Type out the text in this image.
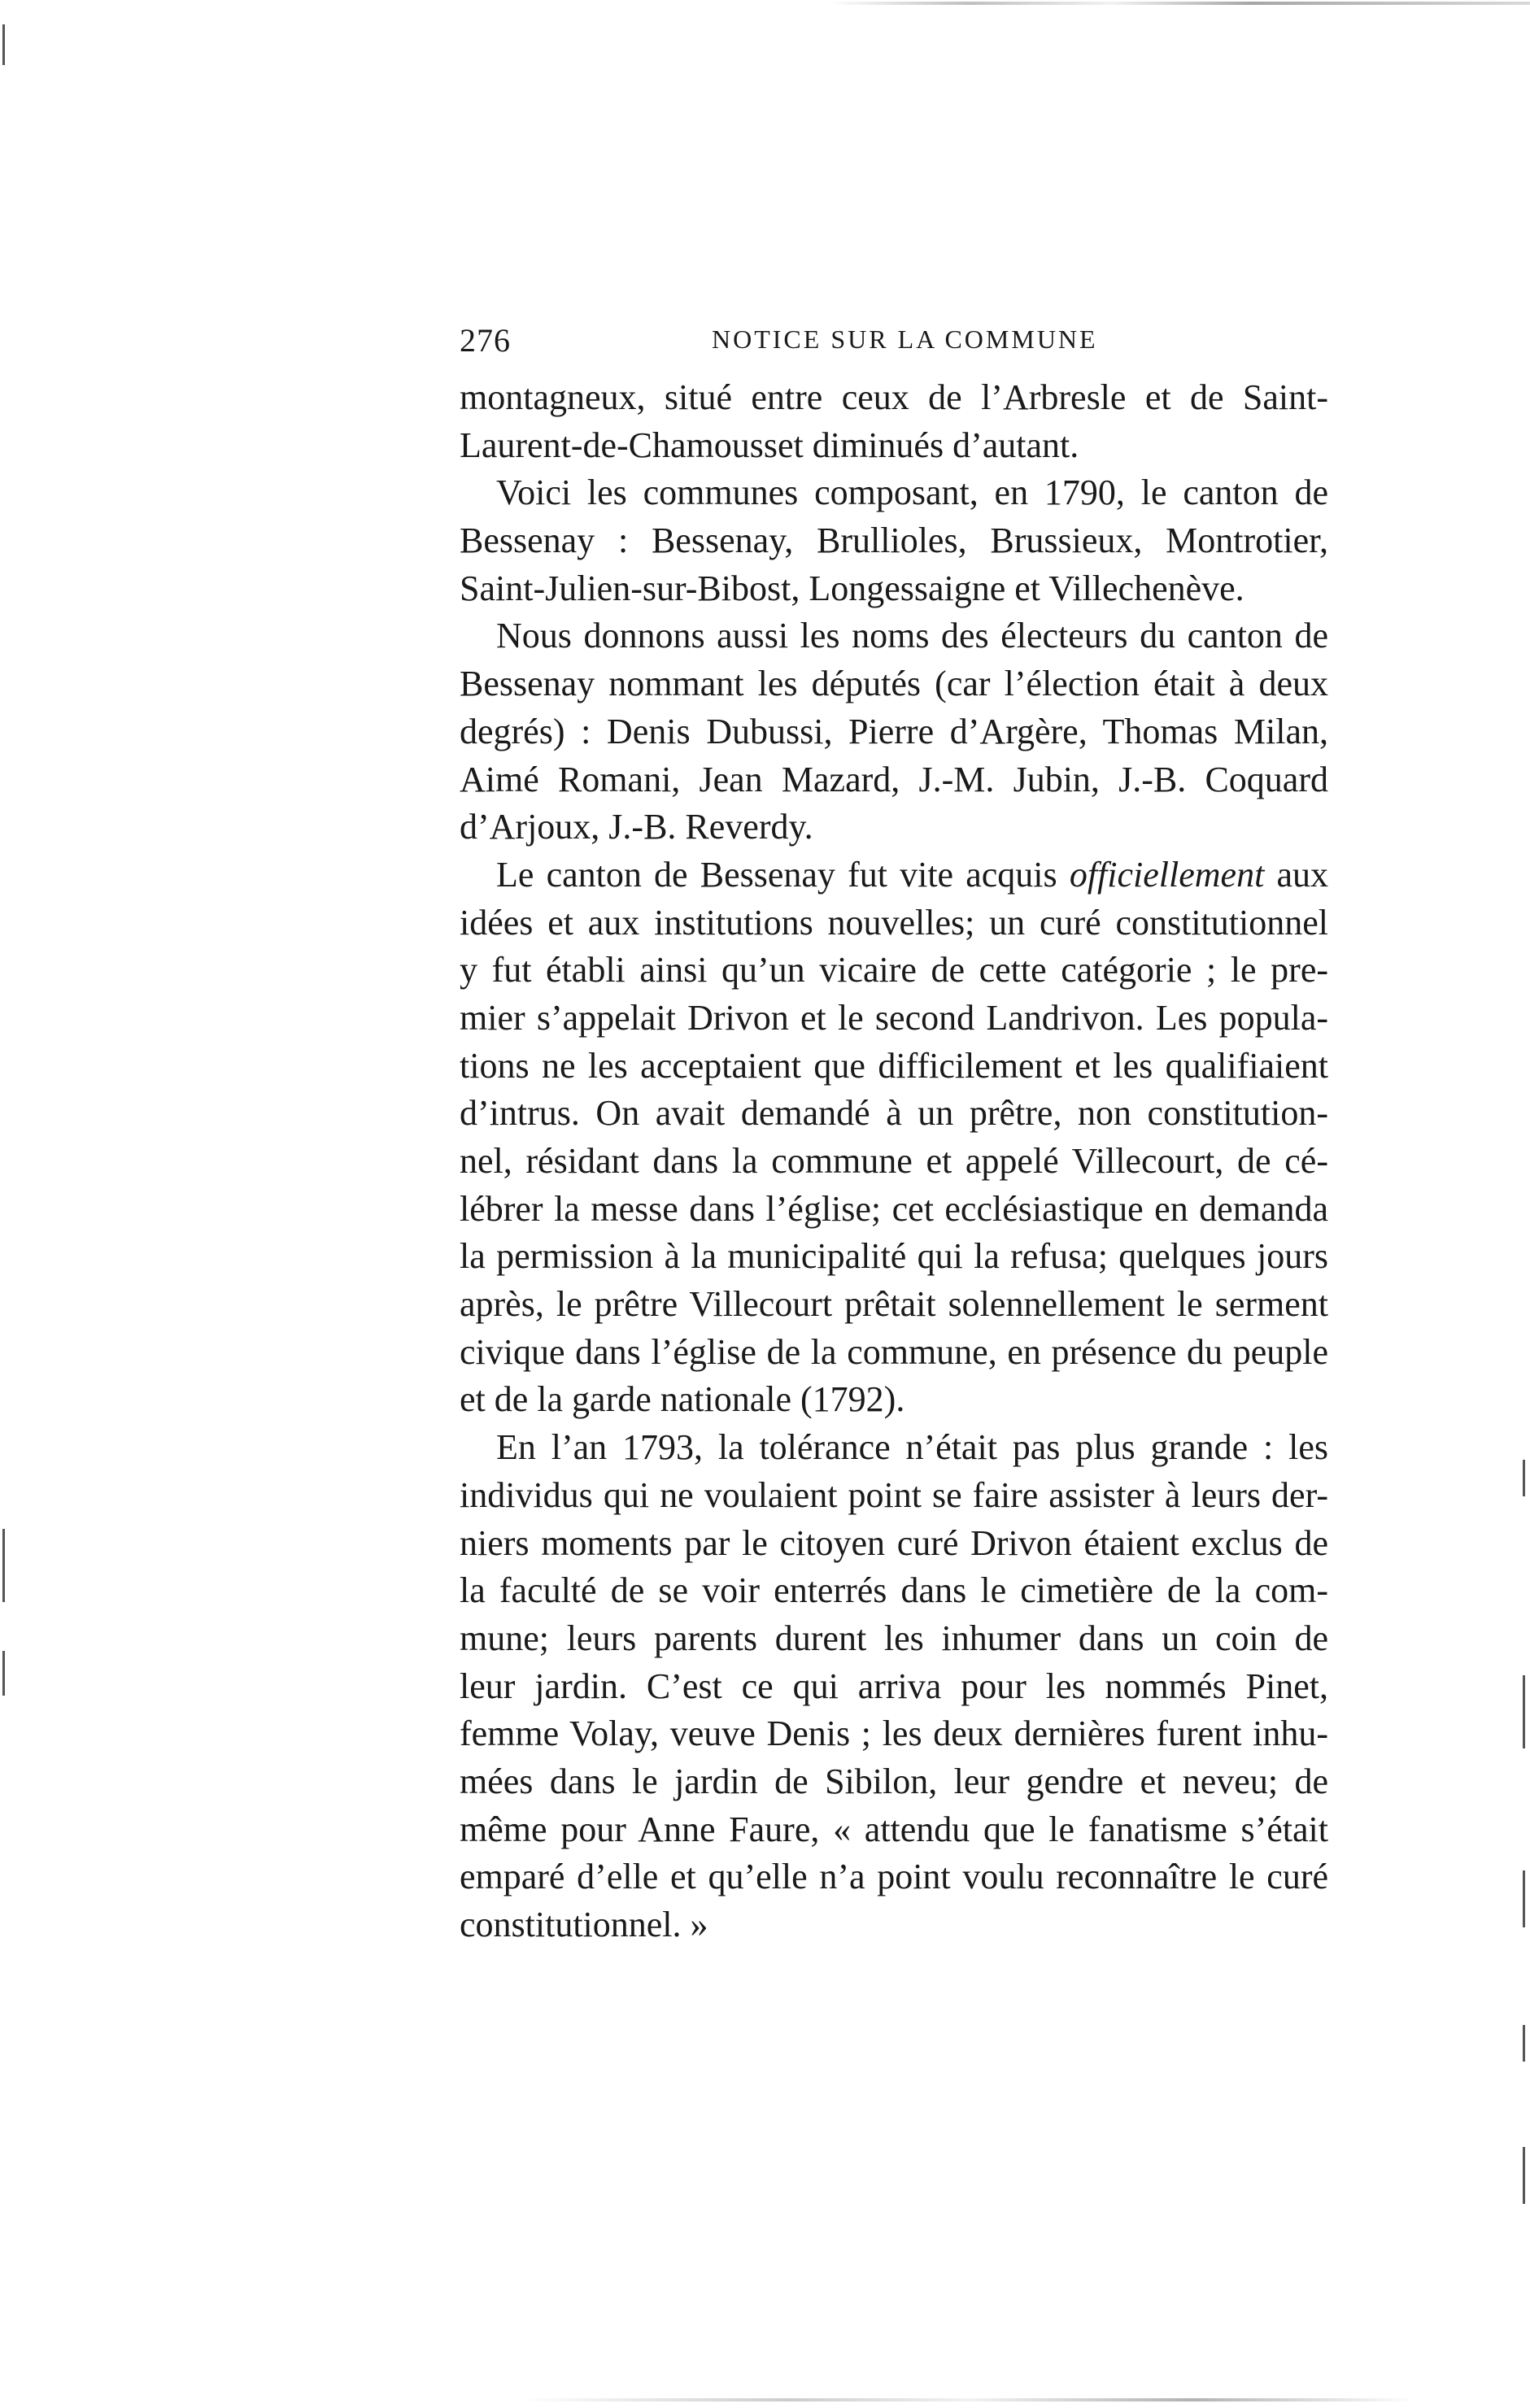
276	NOTICE SUR LA COMMUNE
montagneux, situé entre ceux de l’Arbresle et de Saint-
Laurent-de-Chamousset diminués d’autant.
Voici les communes composant, en 1790, le canton de
Bessenay : Bessenay, Brullioles, Brussieux, Montrotier,
Saint-Julien-sur-Bibost, Longessaigne et Villechenève.
Nous donnons aussi les noms des électeurs du canton de
Bessenay nommant les députés (car l’élection était à deux
degrés) : Denis Dubussi, Pierre d’Argère, Thomas Milan,
Aimé Romani, Jean Mazard, J.-M. Jubin, J.-B. Coquard
d’Arjoux, J.-B. Reverdy.
Le canton de Bessenay fut vite acquis officiellement aux
idées et aux institutions nouvelles; un curé constitutionnel
y fut établi ainsi qu’un vicaire de cette catégorie ; le pre-
mier s’appelait Drivon et le second Landrivon. Les popula-
tions ne les acceptaient que difficilement et les qualifiaient
d’intrus. On avait demandé à un prêtre, non constitution-
nel, résidant dans la commune et appelé Villecourt, de cé-
lébrer la messe dans l’église; cet ecclésiastique en demanda
la permission à la municipalité qui la refusa; quelques jours
après, le prêtre Villecourt prêtait solennellement le serment
civique dans l’église de la commune, en présence du peuple
et de la garde nationale (1792).
En l’an 1793, la tolérance n’était pas plus grande : les
individus qui ne voulaient point se faire assister à leurs der-
niers moments par le citoyen curé Drivon étaient exclus de
la faculté de se voir enterrés dans le cimetière de la com-
mune; leurs parents durent les inhumer dans un coin de
leur jardin. C’est ce qui arriva pour les nommés Pinet,
femme Volay, veuve Denis ; les deux dernières furent inhu-
mées dans le jardin de Sibilon, leur gendre et neveu; de
même pour Anne Faure, « attendu que le fanatisme s’était
emparé d’elle et qu’elle n’a point voulu reconnaître le curé
constitutionnel. »
